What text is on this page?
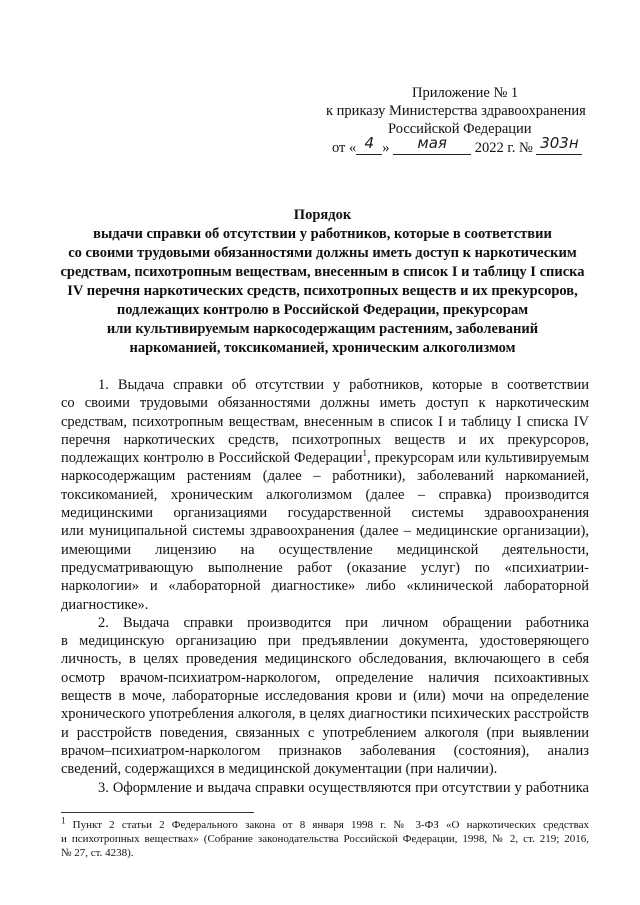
Приложение № 1
к приказу Министерства здравоохранения
Российской Федерации
от « 4 » мая 2022 г. № 303н
Порядок
выдачи справки об отсутствии у работников, которые в соответствии
со своими трудовыми обязанностями должны иметь доступ к наркотическим
средствам, психотропным веществам, внесенным в список I и таблицу I списка
IV перечня наркотических средств, психотропных веществ и их прекурсоров,
подлежащих контролю в Российской Федерации, прекурсорам
или культивируемым наркосодержащим растениям, заболеваний
наркоманией, токсикоманией, хроническим алкоголизмом
1. Выдача справки об отсутствии у работников, которые в соответствии
со своими трудовыми обязанностями должны иметь доступ к наркотическим
средствам, психотропным веществам, внесенным в список I и таблицу I списка IV
перечня наркотических средств, психотропных веществ и их прекурсоров,
подлежащих контролю в Российской Федерации$^1$, прекурсорам или культивируемым
наркосодержащим растениям (далее – работники), заболеваний наркоманией,
токсикоманией, хроническим алкоголизмом (далее – справка) производится
медицинскими организациями государственной системы здравоохранения
или муниципальной системы здравоохранения (далее – медицинские организации),
имеющими лицензию на осуществление медицинской деятельности,
предусматривающую выполнение работ (оказание услуг) по «психиатрии-
наркологии» и «лабораторной диагностике» либо «клинической лабораторной
диагностике».
2. Выдача справки производится при личном обращении работника
в медицинскую организацию при предъявлении документа, удостоверяющего
личность, в целях проведения медицинского обследования, включающего в себя
осмотр врачом-психиатром-наркологом, определение наличия психоактивных
веществ в моче, лабораторные исследования крови и (или) мочи на определение
хронического употребления алкоголя, в целях диагностики психических расстройств
и расстройств поведения, связанных с употреблением алкоголя (при выявлении
врачом–психиатром-наркологом признаков заболевания (состояния), анализ
сведений, содержащихся в медицинской документации (при наличии).
3. Оформление и выдача справки осуществляются при отсутствии у работника
$^1$ Пункт 2 статьи 2 Федерального закона от 8 января 1998 г. № 3-ФЗ «О наркотических средствах
и психотропных веществах» (Собрание законодательства Российской Федерации, 1998, № 2, ст. 219; 2016,
№ 27, ст. 4238).
